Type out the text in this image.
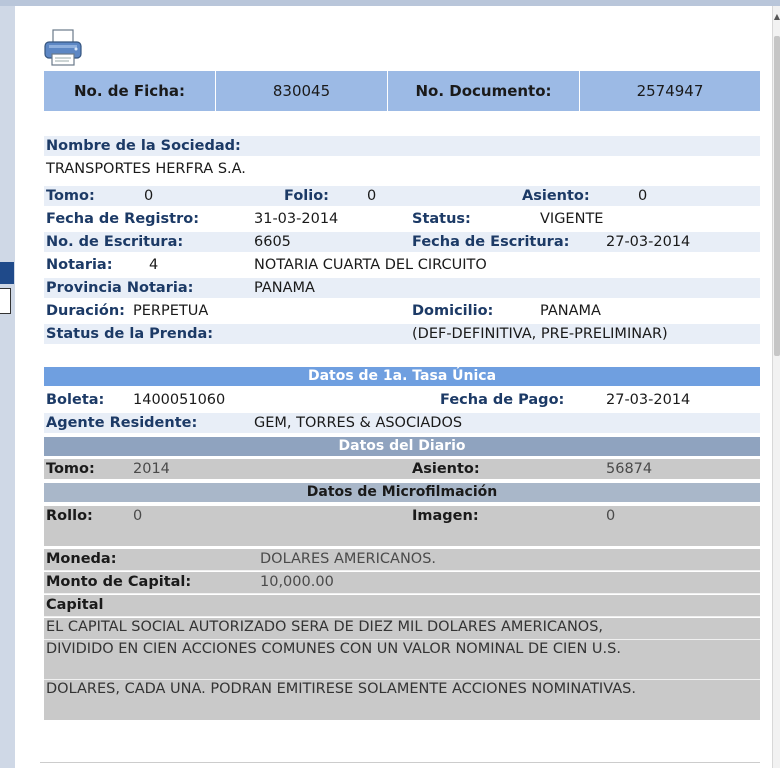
▲
No. de Ficha:	830045	No. Documento:	2574947
Nombre de la Sociedad:
TRANSPORTES HERFRA S.A.
Tomo:	0	Folio:	0	Asiento:	0
Fecha de Registro:	31-03-2014	Status:	VIGENTE
No. de Escritura:	6605	Fecha de Escritura:	27-03-2014
Notaria:	4	NOTARIA CUARTA DEL CIRCUITO
Provincia Notaria:	PANAMA
Duración: PERPETUA	Domicilio:	PANAMA
Status de la Prenda:	(DEF-DEFINITIVA, PRE-PRELIMINAR)
Datos de 1a. Tasa Única
Boleta: 1400051060	Fecha de Pago:	27-03-2014
Agente Residente:	GEM, TORRES & ASOCIADOS
Datos del Diario
Tomo:	2014	Asiento:	56874
Datos de Microfilmación
Rollo:	0	Imagen:	0
Moneda:	DOLARES AMERICANOS.
Monto de Capital:	10,000.00
Capital
EL CAPITAL SOCIAL AUTORIZADO SERA DE DIEZ MIL DOLARES AMERICANOS,
DIVIDIDO EN CIEN ACCIONES COMUNES CON UN VALOR NOMINAL DE CIEN U.S.
DOLARES, CADA UNA. PODRAN EMITIRESE SOLAMENTE ACCIONES NOMINATIVAS.
